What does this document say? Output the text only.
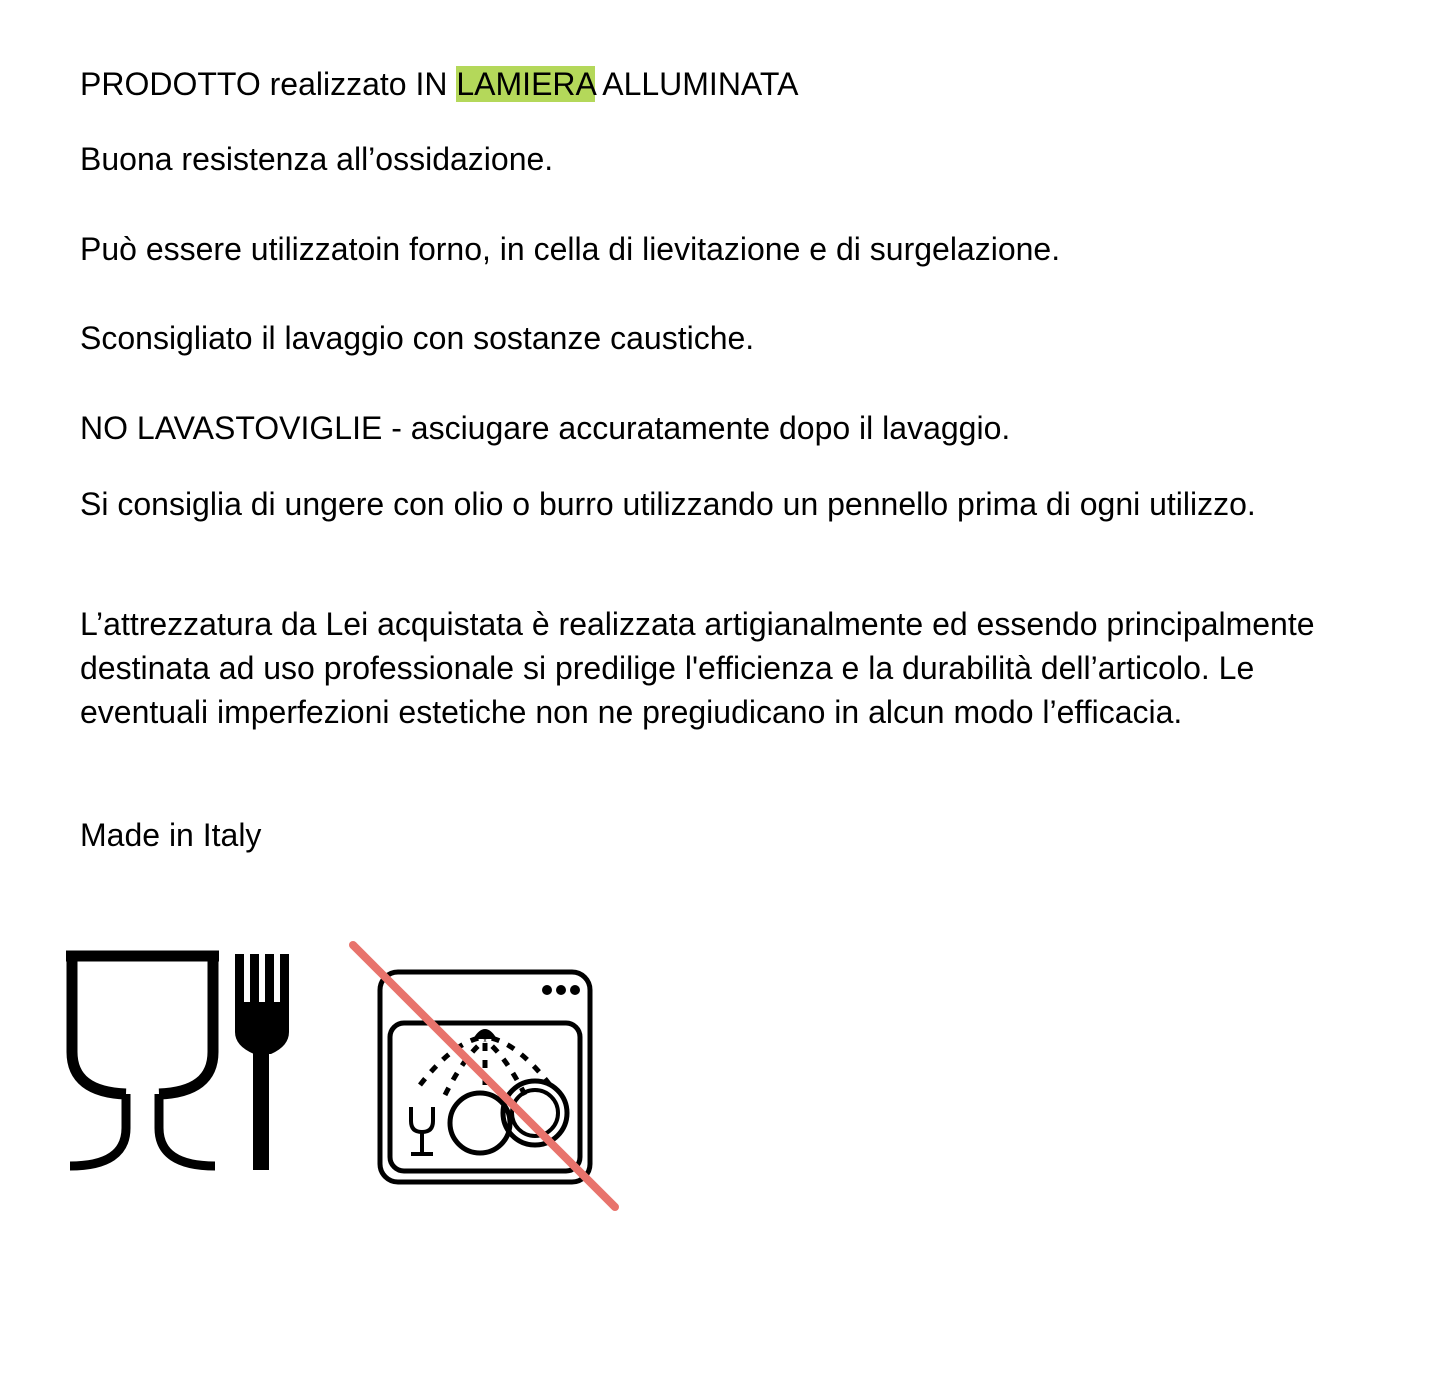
PRODOTTO realizzato IN LAMIERA ALLUMINATA

Buona resistenza all’ossidazione.

Può essere utilizzatoin forno, in cella di lievitazione e di surgelazione.

Sconsigliato il lavaggio con sostanze caustiche.

NO LAVASTOVIGLIE - asciugare accuratamente dopo il lavaggio.

Si consiglia di ungere con olio o burro utilizzando un pennello prima di ogni utilizzo.

L’attrezzatura da Lei acquistata è realizzata artigianalmente ed essendo principalmente destinata ad uso professionale si predilige l'efficienza e la durabilità dell’articolo. Le eventuali imperfezioni estetiche non ne pregiudicano in alcun modo l’efficacia.

Made in Italy
